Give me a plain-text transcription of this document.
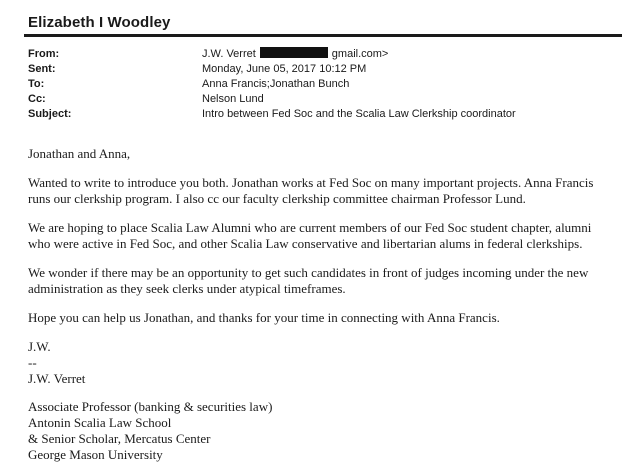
Elizabeth I Woodley
From:	J.W. Verret	gmail.com>
Sent:	Monday, June 05, 2017 10:12 PM
To:	Anna Francis;Jonathan Bunch
Cc:	Nelson Lund
Subject:	Intro between Fed Soc and the Scalia Law Clerkship coordinator

Jonathan and Anna,

Wanted to write to introduce you both. Jonathan works at Fed Soc on many important projects. Anna Francis

runs our clerkship program. I also cc our faculty clerkship committee chairman Professor Lund.

We are hoping to place Scalia Law Alumni who are current members of our Fed Soc student chapter, alumni

who were active in Fed Soc, and other Scalia Law conservative and libertarian alums in federal clerkships.

We wonder if there may be an opportunity to get such candidates in front of judges incoming under the new

administration as they seek clerks under atypical timeframes.

Hope you can help us Jonathan, and thanks for your time in connecting with Anna Francis.

J.W.

--

J.W. Verret

Associate Professor (banking & securities law)

Antonin Scalia Law School

& Senior Scholar, Mercatus Center

George Mason University
